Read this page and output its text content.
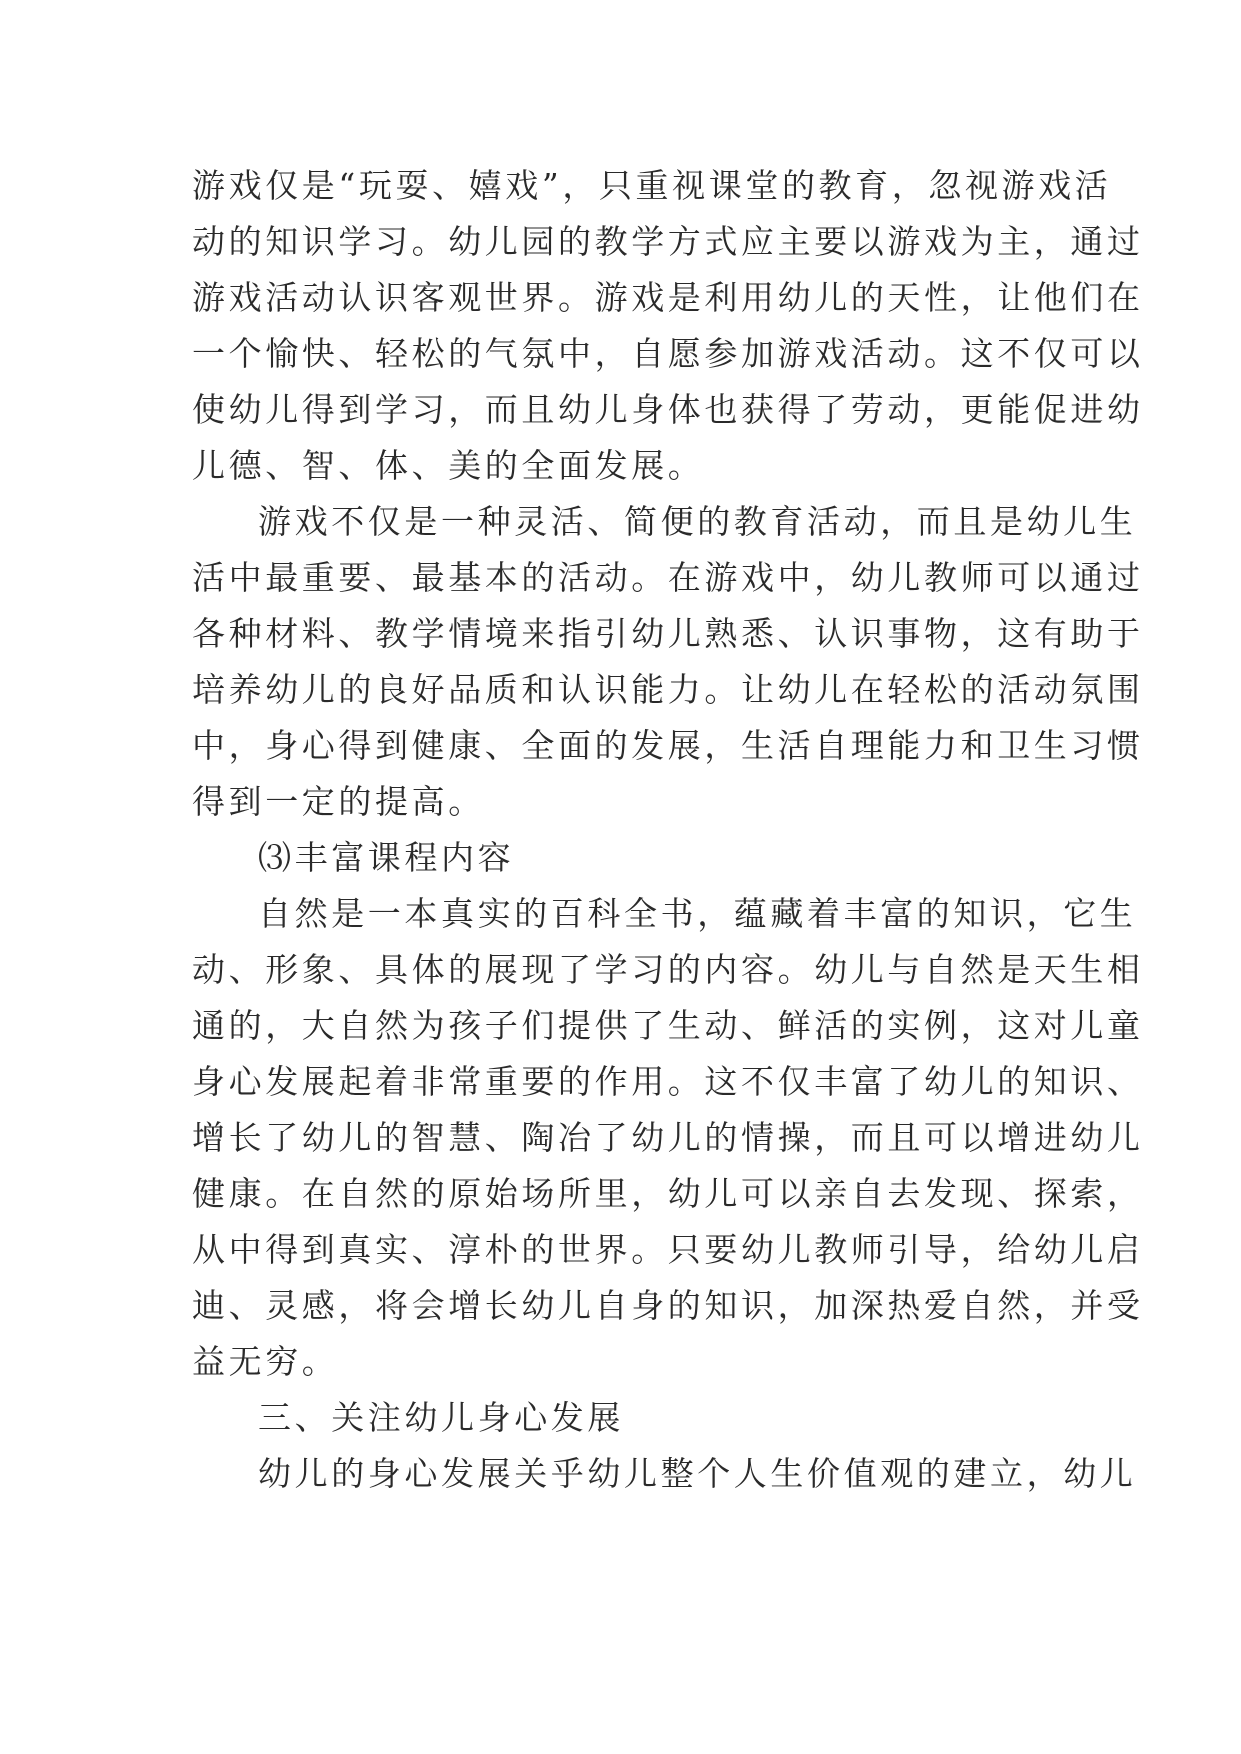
游戏仅是“玩耍、嬉戏”，只重视课堂的教育，忽视游戏活
动的知识学习。幼儿园的教学方式应主要以游戏为主，通过
游戏活动认识客观世界。游戏是利用幼儿的天性，让他们在
一个愉快、轻松的气氛中，自愿参加游戏活动。这不仅可以
使幼儿得到学习，而且幼儿身体也获得了劳动，更能促进幼
儿德、智、体、美的全面发展。
游戏不仅是一种灵活、简便的教育活动，而且是幼儿生
活中最重要、最基本的活动。在游戏中，幼儿教师可以通过
各种材料、教学情境来指引幼儿熟悉、认识事物，这有助于
培养幼儿的良好品质和认识能力。让幼儿在轻松的活动氛围
中，身心得到健康、全面的发展，生活自理能力和卫生习惯
得到一定的提高。
⑶丰富课程内容
自然是一本真实的百科全书，蕴藏着丰富的知识，它生
动、形象、具体的展现了学习的内容。幼儿与自然是天生相
通的，大自然为孩子们提供了生动、鲜活的实例，这对儿童
身心发展起着非常重要的作用。这不仅丰富了幼儿的知识、
增长了幼儿的智慧、陶冶了幼儿的情操，而且可以增进幼儿
健康。在自然的原始场所里，幼儿可以亲自去发现、探索，
从中得到真实、淳朴的世界。只要幼儿教师引导，给幼儿启
迪、灵感，将会增长幼儿自身的知识，加深热爱自然，并受
益无穷。
三、关注幼儿身心发展
幼儿的身心发展关乎幼儿整个人生价值观的建立，幼儿
